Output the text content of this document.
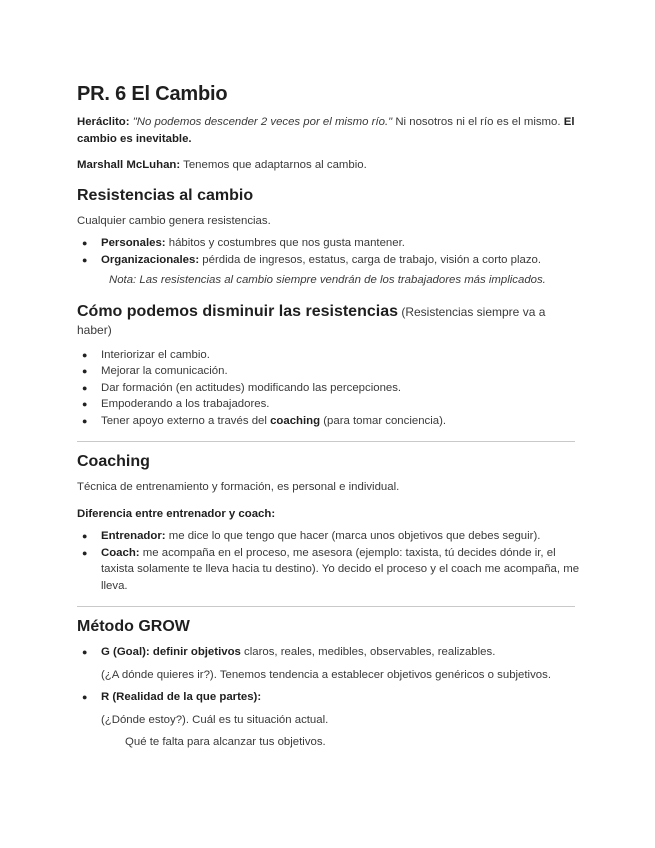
PR. 6 El Cambio

Heráclito: "No podemos descender 2 veces por el mismo río." Ni nosotros ni el río es el mismo. El cambio es inevitable.

Marshall McLuhan: Tenemos que adaptarnos al cambio.

Resistencias al cambio

Cualquier cambio genera resistencias.

● Personales: hábitos y costumbres que nos gusta mantener.
● Organizacionales: pérdida de ingresos, estatus, carga de trabajo, visión a corto plazo.

Nota: Las resistencias al cambio siempre vendrán de los trabajadores más implicados.

Cómo podemos disminuir las resistencias (Resistencias siempre va a haber)
● Interiorizar el cambio.
● Mejorar la comunicación.
● Dar formación (en actitudes) modificando las percepciones.
● Empoderando a los trabajadores.
● Tener apoyo externo a través del coaching (para tomar conciencia).
Coaching

Técnica de entrenamiento y formación, es personal e individual.

Diferencia entre entrenador y coach:

● Entrenador: me dice lo que tengo que hacer (marca unos objetivos que debes seguir).
● Coach: me acompaña en el proceso, me asesora (ejemplo: taxista, tú decides dónde ir, el taxista solamente te lleva hacia tu destino). Yo decido el proceso y el coach me acompaña, me lleva.
Método GROW
● G (Goal): definir objetivos claros, reales, medibles, observables, realizables.

(¿A dónde quieres ir?). Tenemos tendencia a establecer objetivos genéricos o subjetivos.

● R (Realidad de la que partes):

(¿Dónde estoy?). Cuál es tu situación actual.

Qué te falta para alcanzar tus objetivos.
